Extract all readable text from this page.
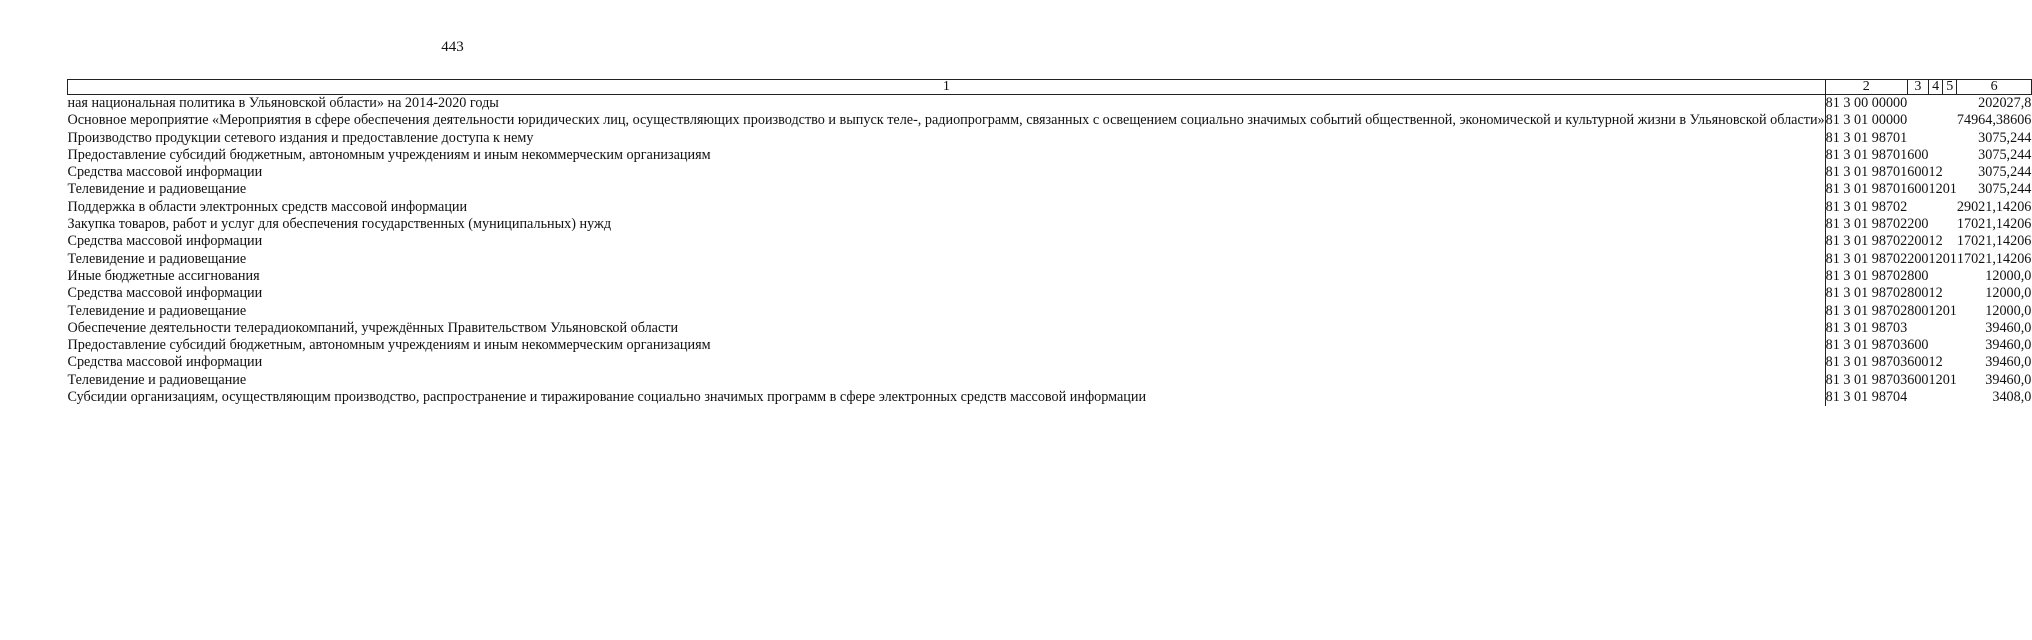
443
1	2	3	4	5	6
ная национальная политика в Ульяновской области» на 2014-2020 годы	81 3 00 00000				202027,8
Основное мероприятие «Мероприятия в сфере обеспечения деятельности юридических лиц, осуществляющих производство и выпуск теле-, радиопрограмм, связанных с освещением социально значимых событий общественной, экономической и культурной жизни в Ульяновской области»	81 3 01 00000				74964,38606
Производство продукции сетевого издания и предоставление доступа к нему	81 3 01 98701				3075,244
Предоставление субсидий бюджетным, автономным учреждениям и иным некоммерческим организациям	81 3 01 98701	600			3075,244
Средства массовой информации	81 3 01 98701	600	12		3075,244
Телевидение и радиовещание	81 3 01 98701	600	12	01	3075,244
Поддержка в области электронных средств массовой информации	81 3 01 98702				29021,14206
Закупка товаров, работ и услуг для обеспечения государственных (муниципальных) нужд	81 3 01 98702	200			17021,14206
Средства массовой информации	81 3 01 98702	200	12		17021,14206
Телевидение и радиовещание	81 3 01 98702	200	12	01	17021,14206
Иные бюджетные ассигнования	81 3 01 98702	800			12000,0
Средства массовой информации	81 3 01 98702	800	12		12000,0
Телевидение и радиовещание	81 3 01 98702	800	12	01	12000,0
Обеспечение деятельности телерадиокомпаний, учреждённых Правительством Ульяновской области	81 3 01 98703				39460,0
Предоставление субсидий бюджетным, автономным учреждениям и иным некоммерческим организациям	81 3 01 98703	600			39460,0
Средства массовой информации	81 3 01 98703	600	12		39460,0
Телевидение и радиовещание	81 3 01 98703	600	12	01	39460,0
Субсидии организациям, осуществляющим производство, распространение и тиражирование социально значимых программ в сфере электронных средств массовой информации	81 3 01 98704				3408,0
